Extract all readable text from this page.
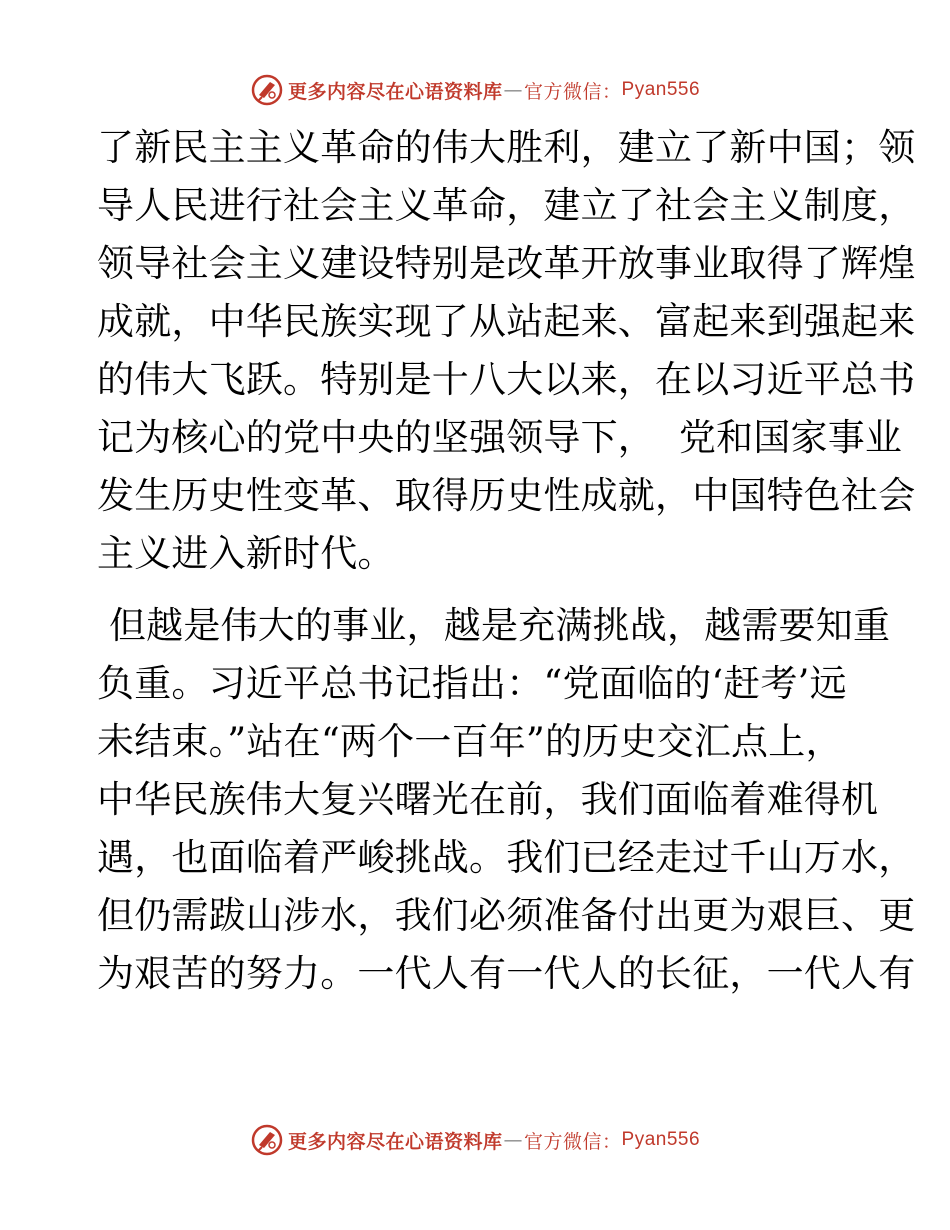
更多内容尽在心语资料库 — 官方微信 ： Pyan556
了新民主主义革命的伟大胜利，建立了新中国；领
导人民进行社会主义革命，建立了社会主义制度，
领导社会主义建设特别是改革开放事业取得了辉煌
成就，中华民族实现了从站起来、富起来到强起来
的伟大飞跃。特别是十八大以来，在以习近平总书
记为核心的党中央的坚强领导下，  党和国家事业
发生历史性变革、取得历史性成就，中国特色社会
主义进入新时代。
但越是伟大的事业，越是充满挑战，越需要知重
负重。习近平总书记指出：“党面临的‘赶考’远
未结束。”站在“两个一百年”的历史交汇点上，
中华民族伟大复兴曙光在前，我们面临着难得机
遇，也面临着严峻挑战。我们已经走过千山万水，
但仍需跋山涉水，我们必须准备付出更为艰巨、更
为艰苦的努力。一代人有一代人的长征，一代人有
更多内容尽在心语资料库 — 官方微信 ： Pyan556
